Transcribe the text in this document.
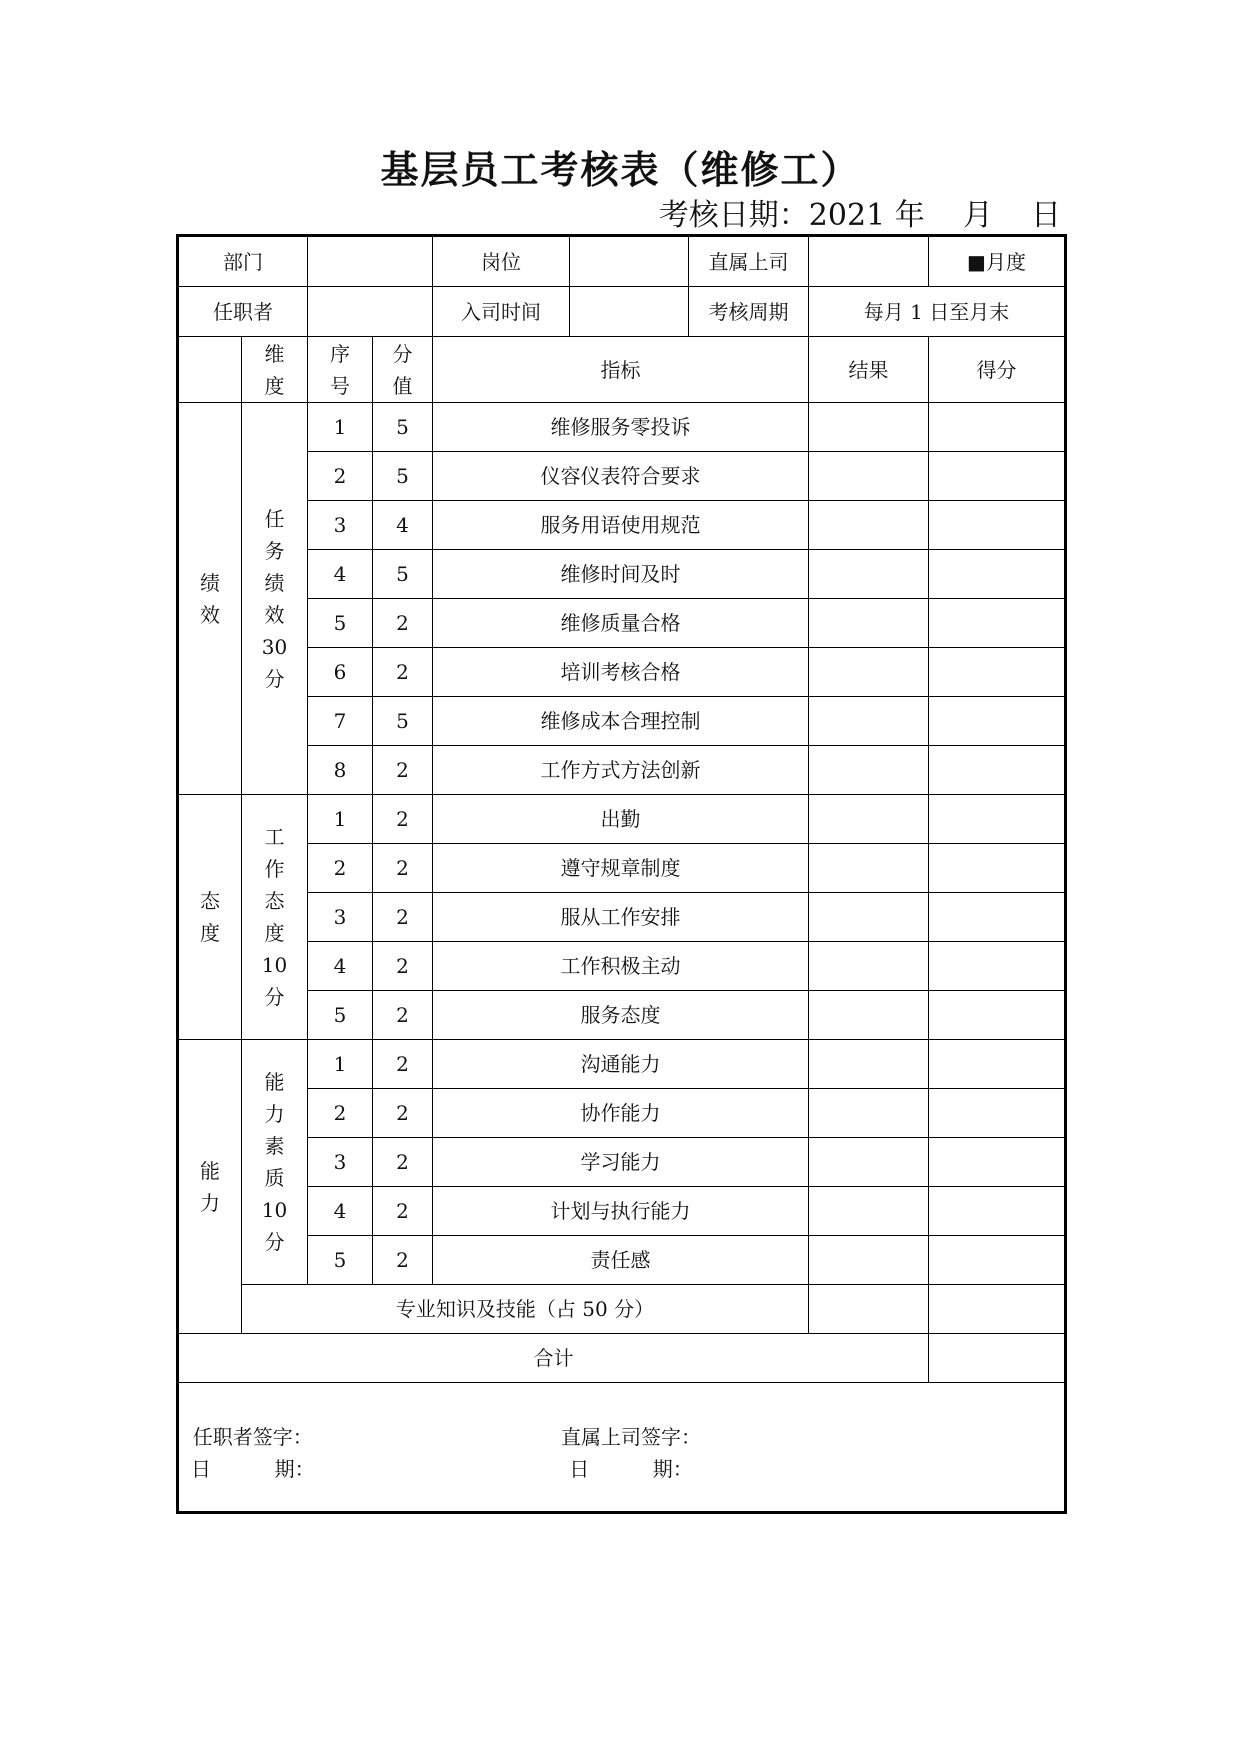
基层员工考核表（维修工）
考核日期：2021 年    月    日
部门				岗位		直属上司		■月度
任职者				入司时间		考核周期	每月 1 日至月末	
	维度	序号	分值	指标			结果	得分
绩效	任务绩效30分	1	5	维修服务零投诉				
		2	5	仪容仪表符合要求				
		3	4	服务用语使用规范				
		4	5	维修时间及时				
		5	2	维修质量合格				
		6	2	培训考核合格				
		7	5	维修成本合理控制				
		8	2	工作方式方法创新				
态度	工作态度10分	1	2	出勤				
		2	2	遵守规章制度				
		3	2	服从工作安排				
		4	2	工作积极主动				
		5	2	服务态度				
能力	能力素质10分	1	2	沟通能力				
		2	2	协作能力				
		3	2	学习能力				
		4	2	计划与执行能力				
		5	2	责任感				
	专业知识及技能（占 50 分）							
合计								

任职者签字：
日          期：
直属上司签字：
日          期：								
